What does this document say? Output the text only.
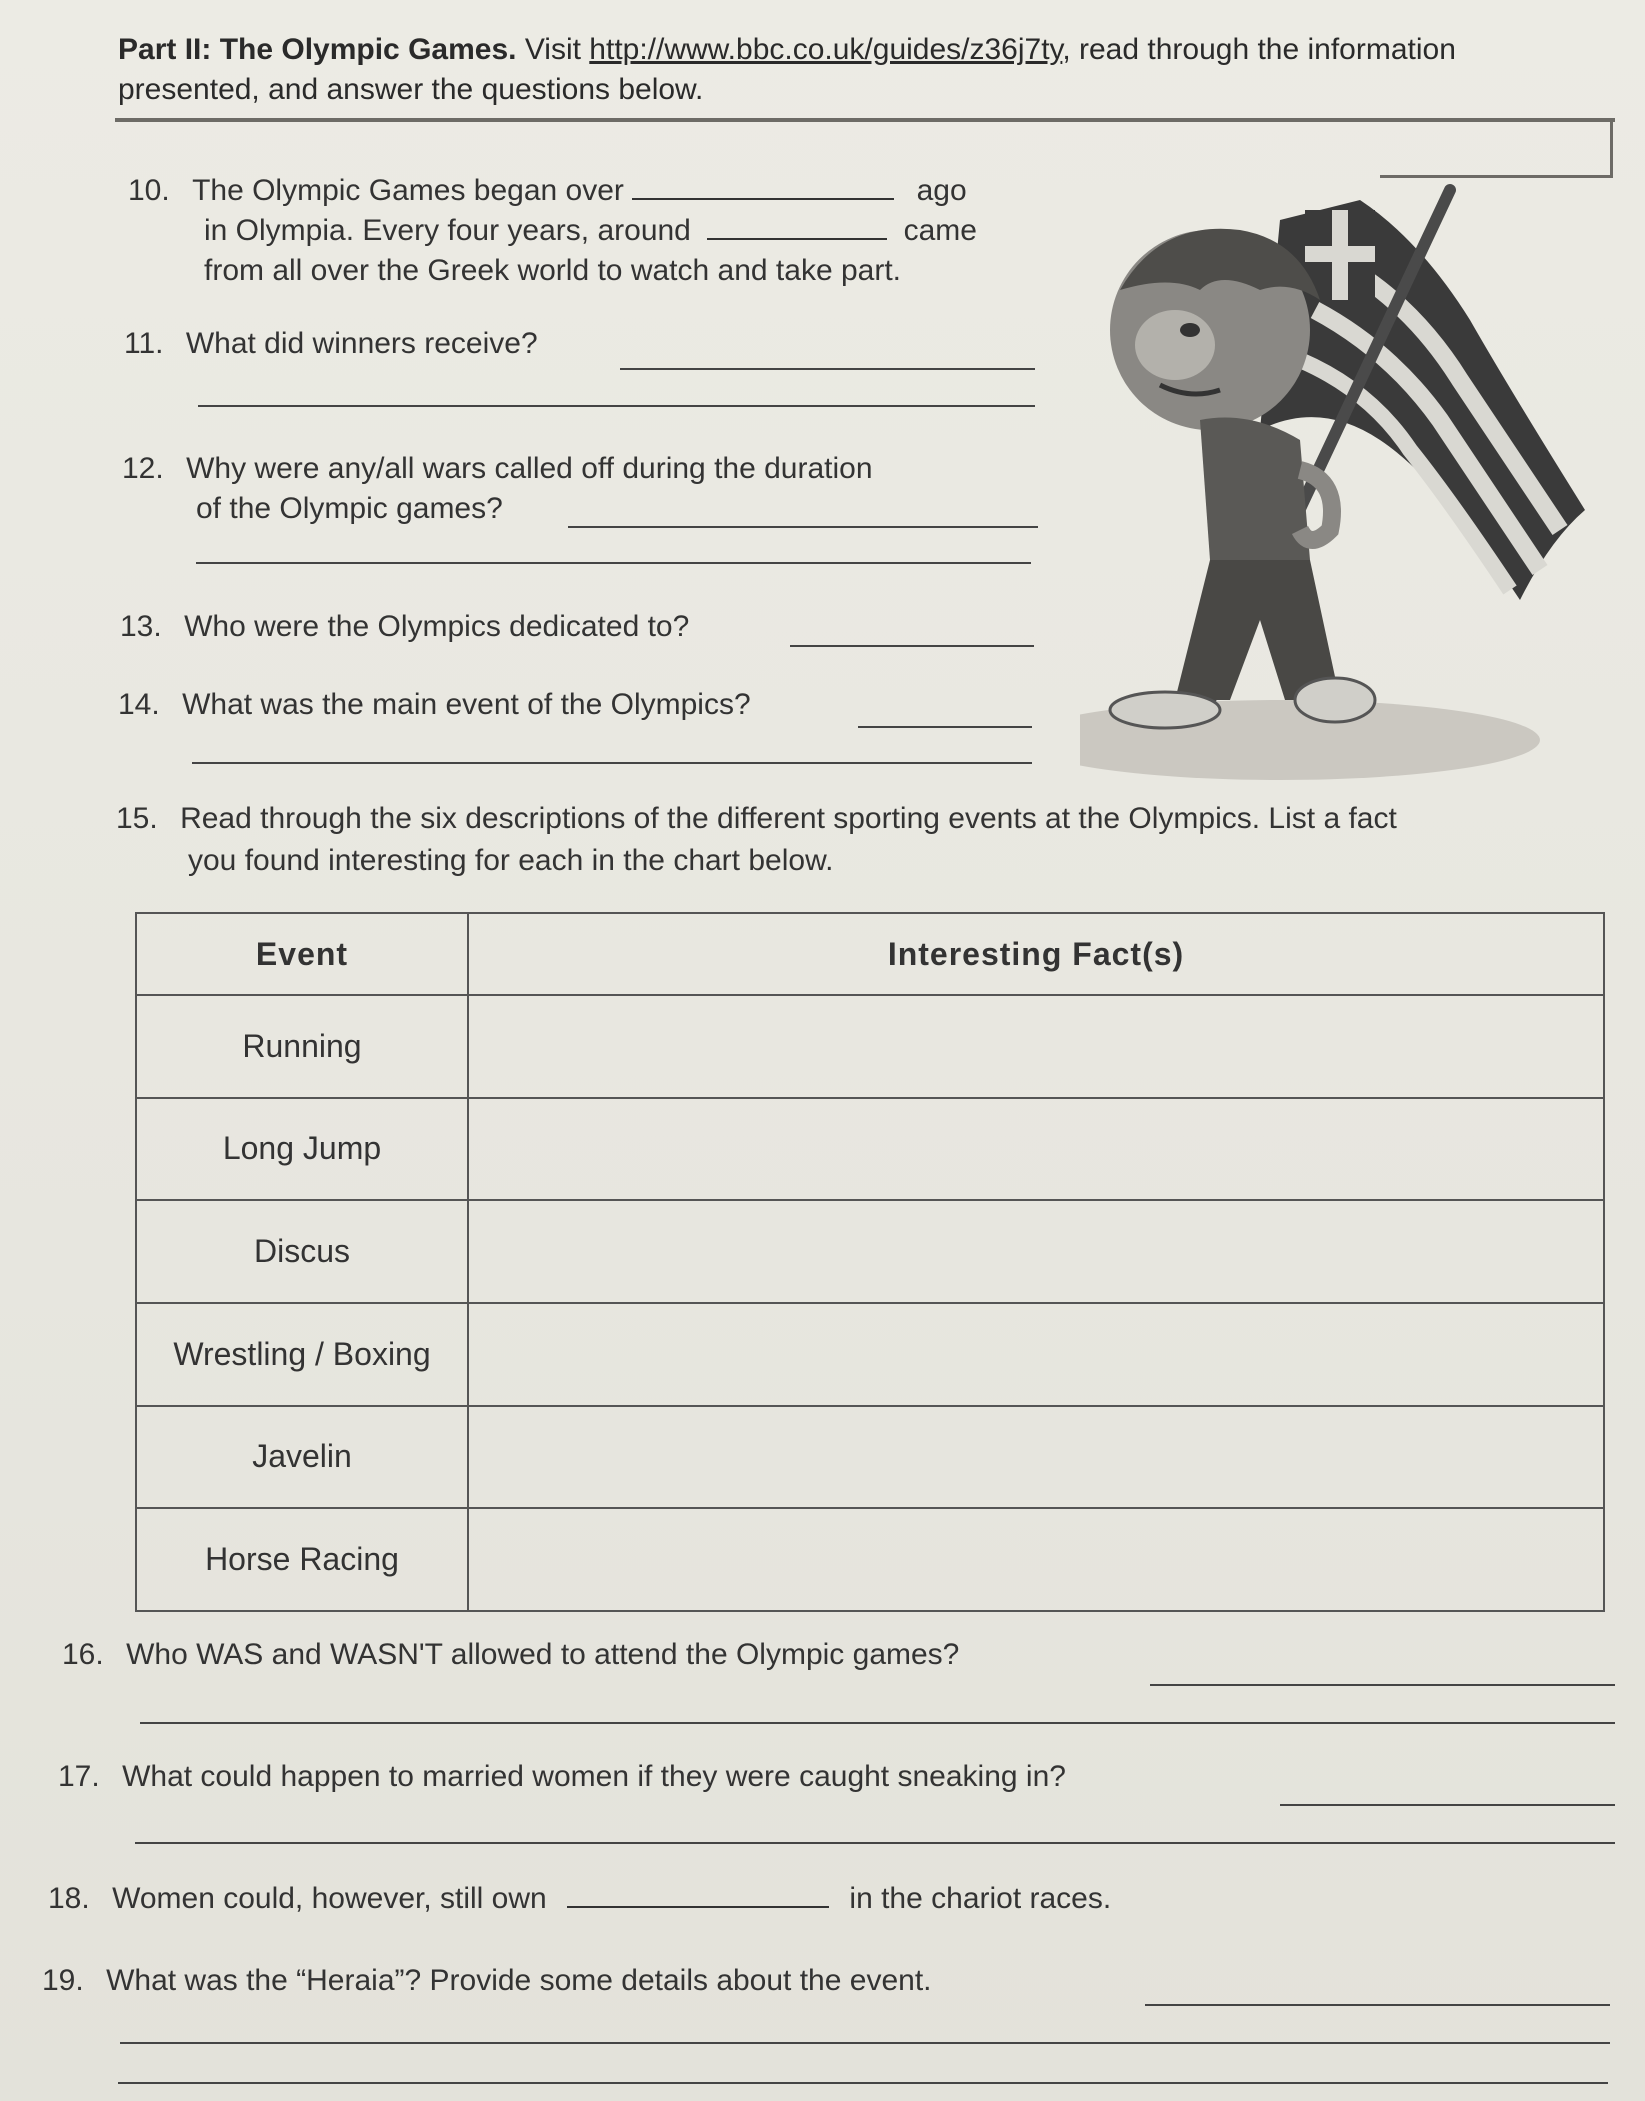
Part II: The Olympic Games. Visit http://www.bbc.co.uk/guides/z36j7ty, read through the information presented, and answer the questions below.
10. The Olympic Games began over	ago
in Olympia. Every four years, around	came
from all over the Greek world to watch and take part.
11. What did winners receive?
12. Why were any/all wars called off during the duration
of the Olympic games?
13. Who were the Olympics dedicated to?
14. What was the main event of the Olympics?
15. Read through the six descriptions of the different sporting events at the Olympics. List a fact
you found interesting for each in the chart below.
Event	Interesting Fact(s)
Running	
Long Jump	
Discus	
Wrestling / Boxing	
Javelin	
Horse Racing	
16. Who WAS and WASN'T allowed to attend the Olympic games?
17. What could happen to married women if they were caught sneaking in?
18. Women could, however, still own	in the chariot races.
19. What was the “Heraia”? Provide some details about the event.
